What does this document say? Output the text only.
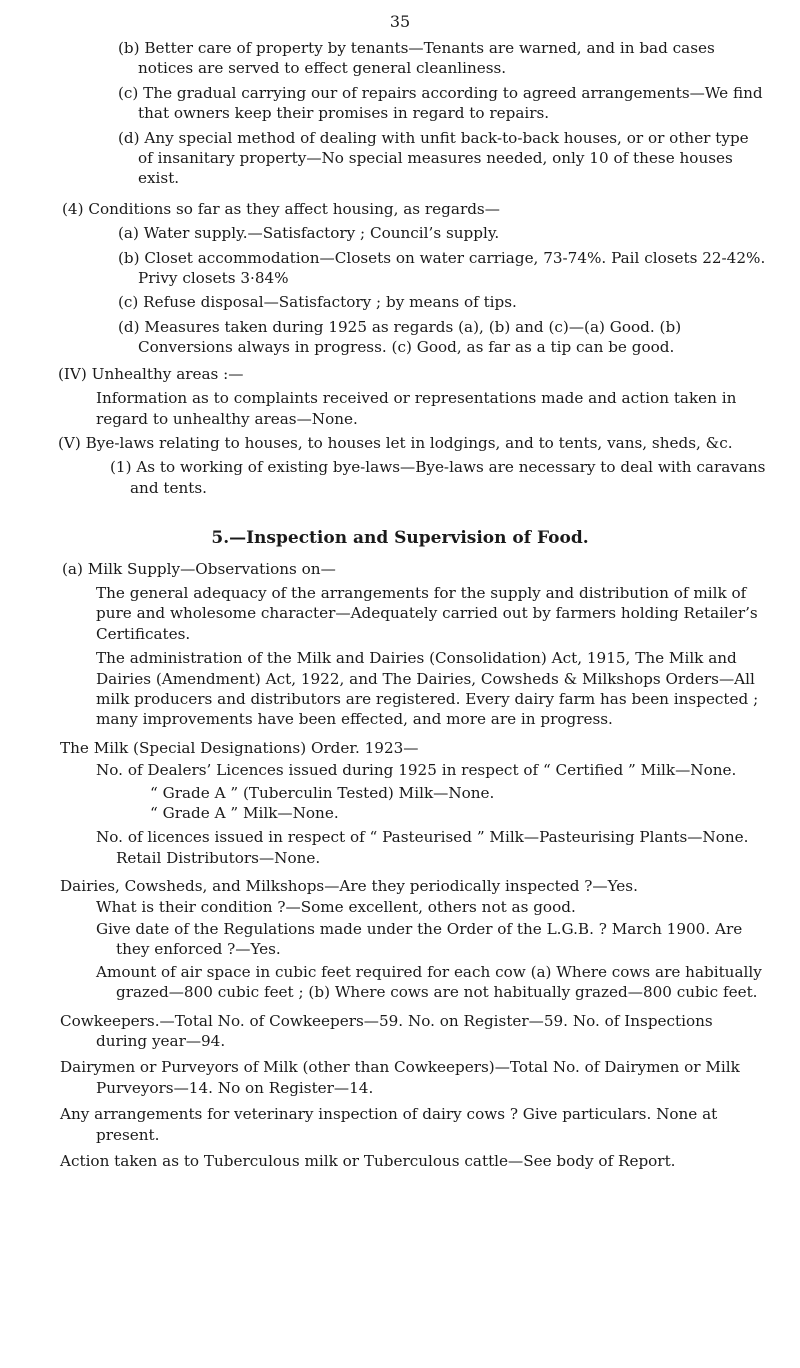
35

(b) Better care of property by tenants—Tenants are warned, and in bad cases notices are served to effect general cleanliness.

(c) The gradual carrying our of repairs according to agreed arrangements—We find that owners keep their promises in regard to repairs.

(d) Any special method of dealing with unfit back-to-back houses, or or other type of insanitary property—No special measures needed, only 10 of these houses exist.

(4) Conditions so far as they affect housing, as regards—

(a) Water supply.—Satisfactory ; Council’s supply.

(b) Closet accommodation—Closets on water carriage, 73-74%. Pail closets 22-42%. Privy closets 3·84%

(c) Refuse disposal—Satisfactory ; by means of tips.

(d) Measures taken during 1925 as regards (a), (b) and (c)—(a) Good. (b) Conversions always in progress. (c) Good, as far as a tip can be good.

(IV) Unhealthy areas :—

Information as to complaints received or representations made and action taken in regard to unhealthy areas—None.

(V) Bye-laws relating to houses, to houses let in lodgings, and to tents, vans, sheds, &c.

(1) As to working of existing bye-laws—Bye-laws are necessary to deal with caravans and tents.

5.—Inspection and Supervision of Food.

(a) Milk Supply—Observations on—

The general adequacy of the arrangements for the supply and distribution of milk of pure and wholesome character—Adequately carried out by farmers holding Retailer’s Certificates.

The administration of the Milk and Dairies (Consolidation) Act, 1915, The Milk and Dairies (Amendment) Act, 1922, and The Dairies, Cowsheds & Milkshops Orders—All milk producers and distributors are registered. Every dairy farm has been inspected ; many improvements have been effected, and more are in progress.

The Milk (Special Designations) Order. 1923—

No. of Dealers’ Licences issued during 1925 in respect of “ Certified ” Milk—None.

“ Grade A ” (Tuberculin Tested) Milk—None.

“ Grade A ” Milk—None.

No. of licences issued in respect of “ Pasteurised ” Milk—Pasteurising Plants—None. Retail Distributors—None.

Dairies, Cowsheds, and Milkshops—Are they periodically inspected ?—Yes.

What is their condition ?—Some excellent, others not as good.

Give date of the Regulations made under the Order of the L.G.B. ? March 1900. Are they enforced ?—Yes.

Amount of air space in cubic feet required for each cow (a) Where cows are habitually grazed—800 cubic feet ; (b) Where cows are not habitually grazed—800 cubic feet.

Cowkeepers.—Total No. of Cowkeepers—59. No. on Register—59. No. of Inspections during year—94.

Dairymen or Purveyors of Milk (other than Cowkeepers)—Total No. of Dairymen or Milk Purveyors—14. No on Register—14.

Any arrangements for veterinary inspection of dairy cows ? Give particulars. None at present.

Action taken as to Tuberculous milk or Tuberculous cattle—See body of Report.
